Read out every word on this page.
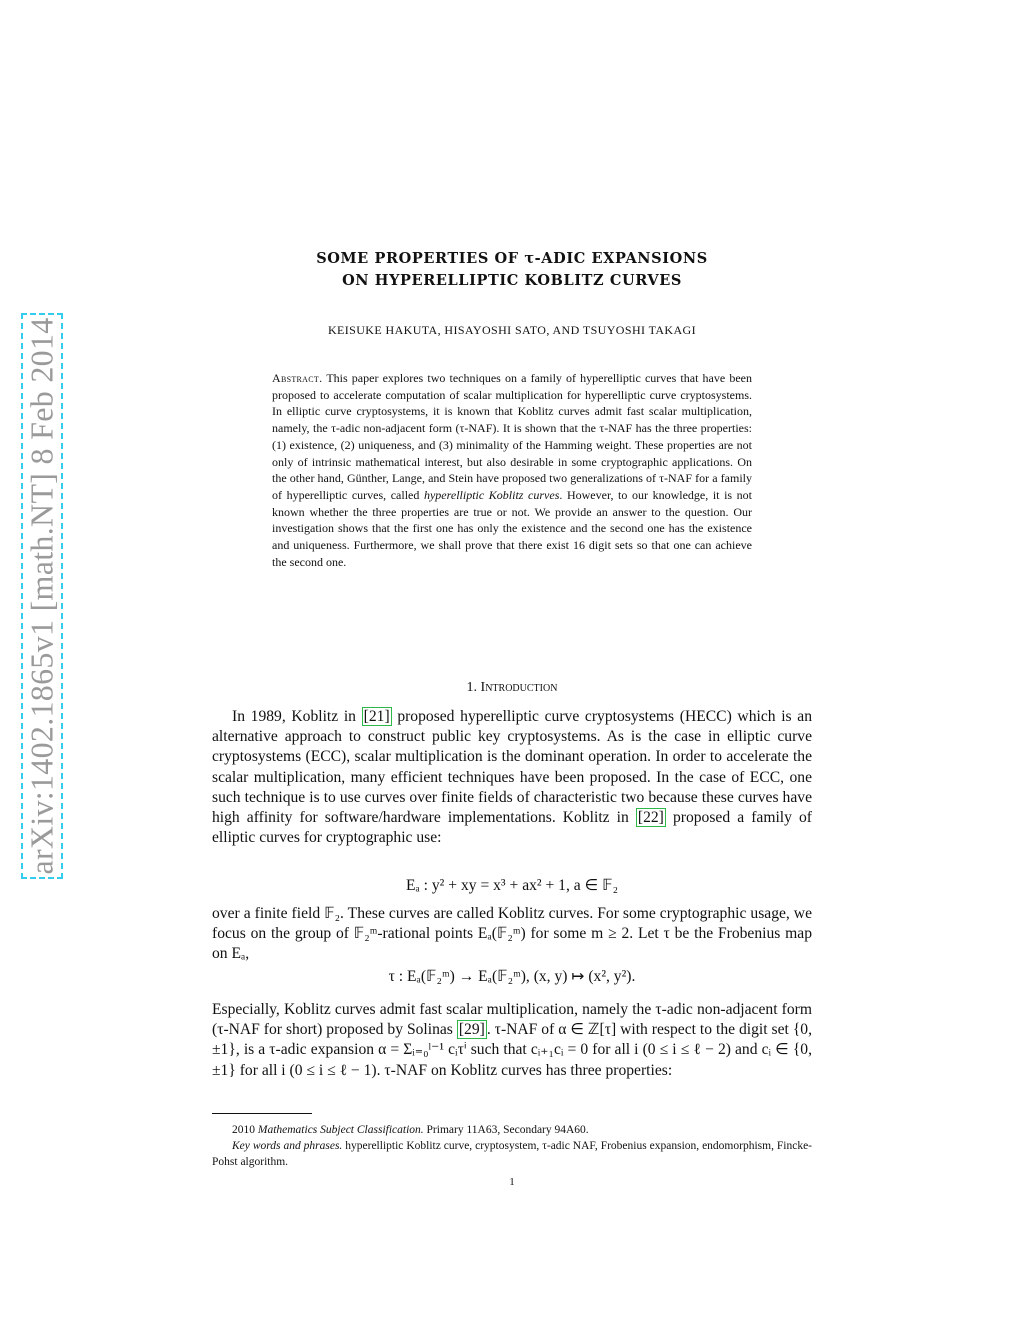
arXiv:1402.1865v1 [math.NT] 8 Feb 2014
SOME PROPERTIES OF τ-ADIC EXPANSIONS
ON HYPERELLIPTIC KOBLITZ CURVES
KEISUKE HAKUTA, HISAYOSHI SATO, AND TSUYOSHI TAKAGI
Abstract. This paper explores two techniques on a family of hyperelliptic curves that have been proposed to accelerate computation of scalar multiplication for hyperelliptic curve cryptosystems. In elliptic curve cryptosystems, it is known that Koblitz curves admit fast scalar multiplication, namely, the τ-adic non-adjacent form (τ-NAF). It is shown that the τ-NAF has the three properties: (1) existence, (2) uniqueness, and (3) minimality of the Hamming weight. These properties are not only of intrinsic mathematical interest, but also desirable in some cryptographic applications. On the other hand, Günther, Lange, and Stein have proposed two generalizations of τ-NAF for a family of hyperelliptic curves, called hyperelliptic Koblitz curves. However, to our knowledge, it is not known whether the three properties are true or not. We provide an answer to the question. Our investigation shows that the first one has only the existence and the second one has the existence and uniqueness. Furthermore, we shall prove that there exist 16 digit sets so that one can achieve the second one.
1. Introduction
In 1989, Koblitz in [21] proposed hyperelliptic curve cryptosystems (HECC) which is an alternative approach to construct public key cryptosystems. As is the case in elliptic curve cryptosystems (ECC), scalar multiplication is the dominant operation. In order to accelerate the scalar multiplication, many efficient techniques have been proposed. In the case of ECC, one such technique is to use curves over finite fields of characteristic two because these curves have high affinity for software/hardware implementations. Koblitz in [22] proposed a family of elliptic curves for cryptographic use:
Eₐ : y² + xy = x³ + ax² + 1, a ∈ 𝔽₂
over a finite field 𝔽₂. These curves are called Koblitz curves. For some cryptographic usage, we focus on the group of 𝔽₂ᵐ-rational points Eₐ(𝔽₂ᵐ) for some m ≥ 2. Let τ be the Frobenius map on Eₐ,
τ : Eₐ(𝔽₂ᵐ) → Eₐ(𝔽₂ᵐ), (x, y) ↦ (x², y²).
Especially, Koblitz curves admit fast scalar multiplication, namely the τ-adic non-adjacent form (τ-NAF for short) proposed by Solinas [29] . τ-NAF of α ∈ ℤ[τ] with respect to the digit set {0, ±1}, is a τ-adic expansion α = Σᵢ₌₀ˡ⁻¹ cᵢτⁱ such that cᵢ₊₁cᵢ = 0 for all i (0 ≤ i ≤ ℓ − 2) and cᵢ ∈ {0, ±1} for all i (0 ≤ i ≤ ℓ − 1). τ-NAF on Koblitz curves has three properties:
2010 Mathematics Subject Classification. Primary 11A63, Secondary 94A60.
Key words and phrases. hyperelliptic Koblitz curve, cryptosystem, τ-adic NAF, Frobenius expansion, endomorphism, Fincke-Pohst algorithm.
1
